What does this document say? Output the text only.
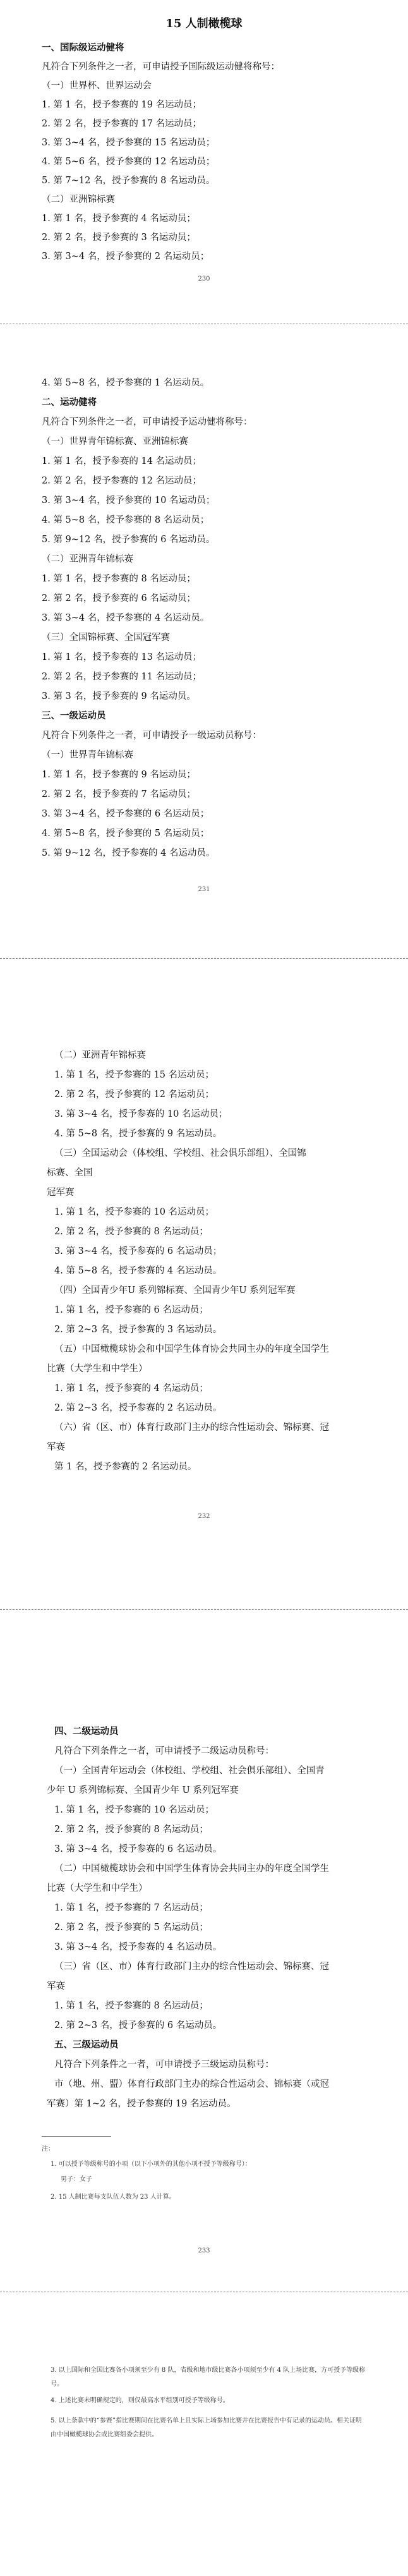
15 人制橄榄球
一、国际级运动健将
凡符合下列条件之一者，可申请授予国际级运动健将称号：
（一）世界杯、世界运动会
1. 第 1 名，授予参赛的 19 名运动员；
2. 第 2 名，授予参赛的 17 名运动员；
3. 第 3~4 名，授予参赛的 15 名运动员；
4. 第 5~6 名，授予参赛的 12 名运动员；
5. 第 7~12 名，授予参赛的 8 名运动员。
（二）亚洲锦标赛
1. 第 1 名，授予参赛的 4 名运动员；
2. 第 2 名，授予参赛的 3 名运动员；
3. 第 3~4 名，授予参赛的 2 名运动员；
230
4. 第 5~8 名，授予参赛的 1 名运动员。
二、运动健将
凡符合下列条件之一者，可申请授予运动健将称号：
（一）世界青年锦标赛、亚洲锦标赛
1. 第 1 名，授予参赛的 14 名运动员；
2. 第 2 名，授予参赛的 12 名运动员；
3. 第 3~4 名，授予参赛的 10 名运动员；
4. 第 5~8 名，授予参赛的 8 名运动员；
5. 第 9~12 名，授予参赛的 6 名运动员。
（二）亚洲青年锦标赛
1. 第 1 名，授予参赛的 8 名运动员；
2. 第 2 名，授予参赛的 6 名运动员；
3. 第 3~4 名，授予参赛的 4 名运动员。
（三）全国锦标赛、全国冠军赛
1. 第 1 名，授予参赛的 13 名运动员；
2. 第 2 名，授予参赛的 11 名运动员；
3. 第 3 名，授予参赛的 9 名运动员。
三、一级运动员
凡符合下列条件之一者，可申请授予一级运动员称号：
（一）世界青年锦标赛
1. 第 1 名，授予参赛的 9 名运动员；
2. 第 2 名，授予参赛的 7 名运动员；
3. 第 3~4 名，授予参赛的 6 名运动员；
4. 第 5~8 名，授予参赛的 5 名运动员；
5. 第 9~12 名，授予参赛的 4 名运动员。
231
（二）亚洲青年锦标赛
1. 第 1 名，授予参赛的 15 名运动员；
2. 第 2 名，授予参赛的 12 名运动员；
3. 第 3~4 名，授予参赛的 10 名运动员；
4. 第 5~8 名，授予参赛的 9 名运动员。
（三）全国运动会（体校组、学校组、社会俱乐部组）、全国锦
标赛、全国
冠军赛
1. 第 1 名，授予参赛的 10 名运动员；
2. 第 2 名，授予参赛的 8 名运动员；
3. 第 3~4 名，授予参赛的 6 名运动员；
4. 第 5~8 名，授予参赛的 4 名运动员。
（四）全国青少年U 系列锦标赛、全国青少年U 系列冠军赛
1. 第 1 名，授予参赛的 6 名运动员；
2. 第 2~3 名，授予参赛的 3 名运动员。
（五）中国橄榄球协会和中国学生体育协会共同主办的年度全国学生
比赛（大学生和中学生）
1. 第 1 名，授予参赛的 4 名运动员；
2. 第 2~3 名，授予参赛的 2 名运动员。
（六）省（区、市）体育行政部门主办的综合性运动会、锦标赛、冠
军赛
第 1 名，授予参赛的 2 名运动员。
232
四、二级运动员
凡符合下列条件之一者，可申请授予二级运动员称号：
（一）全国青年运动会（体校组、学校组、社会俱乐部组）、全国青
少年 U 系列锦标赛、全国青少年 U 系列冠军赛
1. 第 1 名，授予参赛的 10 名运动员；
2. 第 2 名，授予参赛的 8 名运动员；
3. 第 3~4 名，授予参赛的 6 名运动员。
（二）中国橄榄球协会和中国学生体育协会共同主办的年度全国学生
比赛（大学生和中学生）
1. 第 1 名，授予参赛的 7 名运动员；
2. 第 2 名，授予参赛的 5 名运动员；
3. 第 3~4 名，授予参赛的 4 名运动员。
（三）省（区、市）体育行政部门主办的综合性运动会、锦标赛、冠
军赛
1. 第 1 名，授予参赛的 8 名运动员；
2. 第 2~3 名，授予参赛的 6 名运动员。
五、三级运动员
凡符合下列条件之一者，可申请授予三级运动员称号：
市（地、州、盟）体育行政部门主办的综合性运动会、锦标赛（或冠
军赛）第 1~2 名，授予参赛的 19 名运动员。
注：
1. 可以授予等级称号的小项（以下小项外的其他小项不授予等级称号）：
男子：女子
2. 15 人制比赛每支队伍人数为 23 人计算。
233
3. 以上国际和全国比赛各小项须至少有 8 队，省级和地市级比赛各小项须至少有 4 队上场比赛，方可授予等级称号。
4. 上述比赛未明确规定的，则仅最高水平组别可授予等级称号。
5. 以上条款中的“参赛”指比赛期间在比赛名单上且实际上场参加比赛并在比赛报告中有记录的运动员。相关证明由中国橄榄球协会或比赛组委会提供。
